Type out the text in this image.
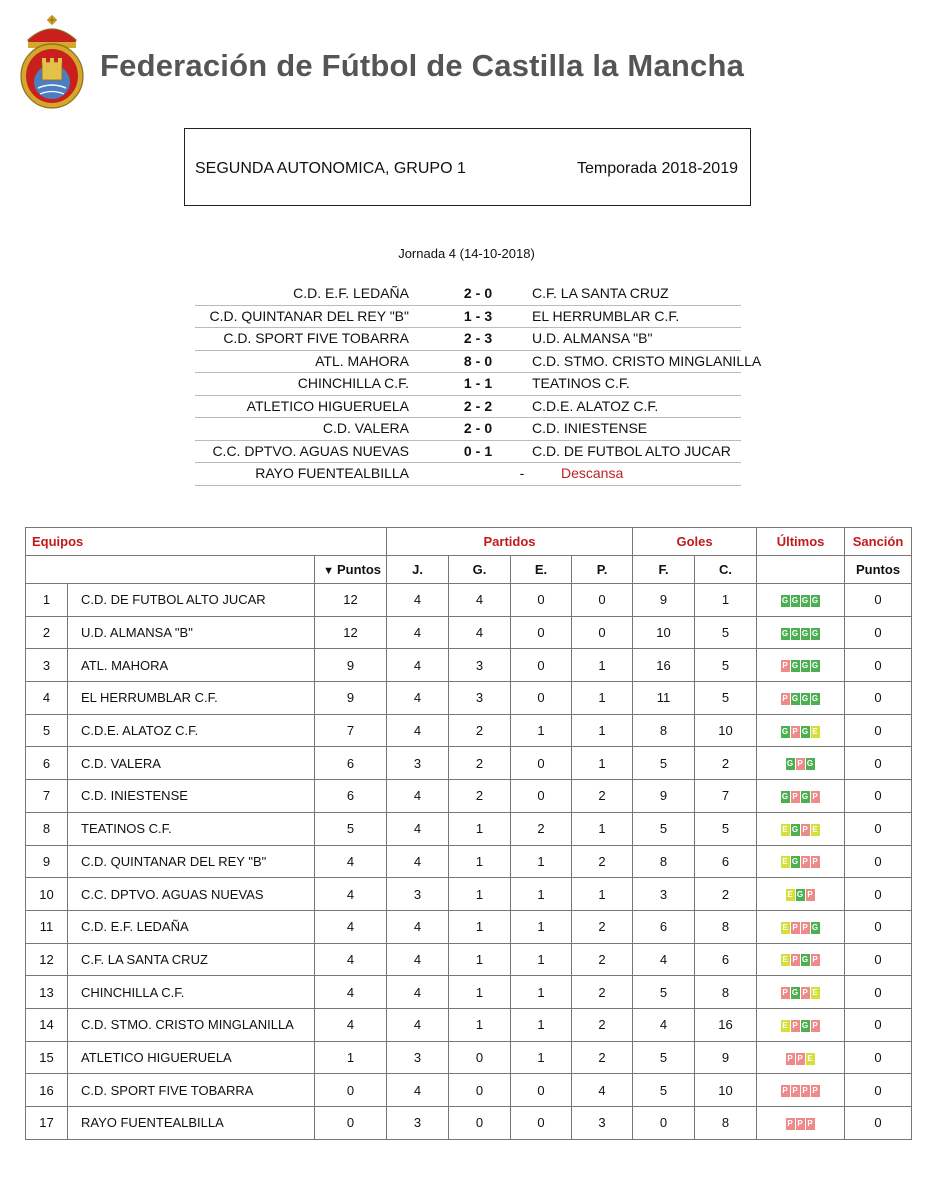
Federación de Fútbol de Castilla la Mancha
SEGUNDA AUTONOMICA, GRUPO 1	Temporada 2018-2019
Jornada 4 (14-10-2018)
C.D. E.F. LEDAÑA	2 - 0	C.F. LA SANTA CRUZ
C.D. QUINTANAR DEL REY "B"	1 - 3	EL HERRUMBLAR C.F.
C.D. SPORT FIVE TOBARRA	2 - 3	U.D. ALMANSA "B"
ATL. MAHORA	8 - 0	C.D. STMO. CRISTO MINGLANILLA
CHINCHILLA C.F.	1 - 1	TEATINOS C.F.
ATLETICO HIGUERUELA	2 - 2	C.D.E. ALATOZ C.F.
C.D. VALERA	2 - 0	C.D. INIESTENSE
C.C. DPTVO. AGUAS NUEVAS	0 - 1	C.D. DE FUTBOL ALTO JUCAR
RAYO FUENTEALBILLA	-	Descansa
Equipos			Partidos				Goles		Últimos	Sanción
		▼ Puntos	J.	G.	E.	P.	F.	C.		Puntos
1	C.D. DE FUTBOL ALTO JUCAR	12	4	4	0	0	9	1	G G G G	0
2	U.D. ALMANSA "B"	12	4	4	0	0	10	5	G G G G	0
3	ATL. MAHORA	9	4	3	0	1	16	5	P G G G	0
4	EL HERRUMBLAR C.F.	9	4	3	0	1	11	5	P G G G	0
5	C.D.E. ALATOZ C.F.	7	4	2	1	1	8	10	G P G E	0
6	C.D. VALERA	6	3	2	0	1	5	2	G P G	0
7	C.D. INIESTENSE	6	4	2	0	2	9	7	G P G P	0
8	TEATINOS C.F.	5	4	1	2	1	5	5	E G P E	0
9	C.D. QUINTANAR DEL REY "B"	4	4	1	1	2	8	6	E G P P	0
10	C.C. DPTVO. AGUAS NUEVAS	4	3	1	1	1	3	2	E G P	0
11	C.D. E.F. LEDAÑA	4	4	1	1	2	6	8	E P P G	0
12	C.F. LA SANTA CRUZ	4	4	1	1	2	4	6	E P G P	0
13	CHINCHILLA C.F.	4	4	1	1	2	5	8	P G P E	0
14	C.D. STMO. CRISTO MINGLANILLA	4	4	1	1	2	4	16	E P G P	0
15	ATLETICO HIGUERUELA	1	3	0	1	2	5	9	P P E	0
16	C.D. SPORT FIVE TOBARRA	0	4	0	0	4	5	10	P P P P	0
17	RAYO FUENTEALBILLA	0	3	0	0	3	0	8	P P P	0
